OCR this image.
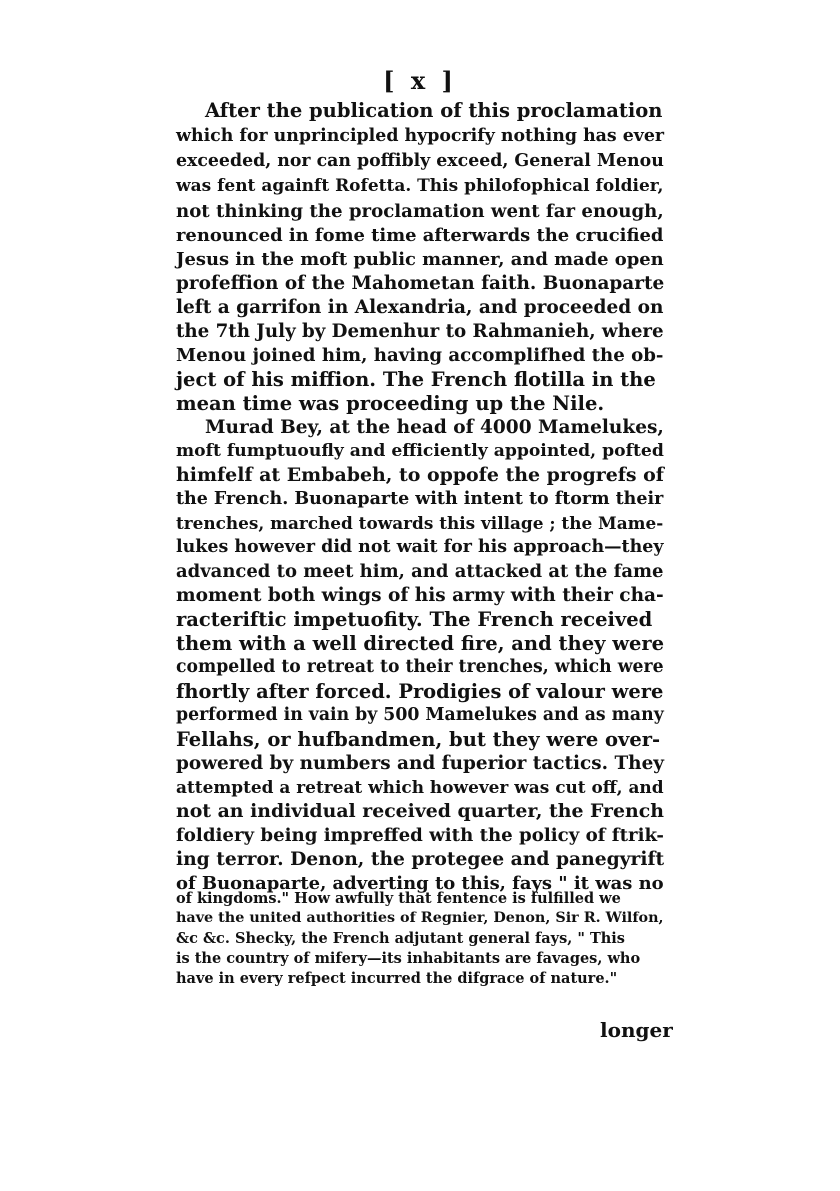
[ x ]
After the publication of this proclamation
which for unprincipled hypocrify nothing has ever
exceeded, nor can poffibly exceed, General Menou
was fent againft Rofetta. This philofophical foldier,
not thinking the proclamation went far enough,
renounced in fome time afterwards the crucified
Jesus in the moft public manner, and made open
profeffion of the Mahometan faith. Buonaparte
left a garrifon in Alexandria, and proceeded on
the 7th July by Demenhur to Rahmanieh, where
Menou joined him, having accomplifhed the ob-
ject of his miffion. The French flotilla in the
mean time was proceeding up the Nile.
Murad Bey, at the head of 4000 Mamelukes,
moft fumptuoufly and efficiently appointed, pofted
himfelf at Embabeh, to oppofe the progrefs of
the French. Buonaparte with intent to ftorm their
trenches, marched towards this village ; the Mame-
lukes however did not wait for his approach—they
advanced to meet him, and attacked at the fame
moment both wings of his army with their cha-
racteriftic impetuofity. The French received
them with a well directed fire, and they were
compelled to retreat to their trenches, which were
fhortly after forced. Prodigies of valour were
performed in vain by 500 Mamelukes and as many
Fellahs, or hufbandmen, but they were over-
powered by numbers and fuperior tactics. They
attempted a retreat which however was cut off, and
not an individual received quarter, the French
foldiery being impreffed with the policy of ftrik-
ing terror. Denon, the protegee and panegyrift
of Buonaparte, adverting to this, fays " it was no
of kingdoms." How awfully that fentence is fulfilled we
have the united authorities of Regnier, Denon, Sir R. Wilfon,
&c &c. Shecky, the French adjutant general fays, " This
is the country of mifery—its inhabitants are favages, who
have in every refpect incurred the difgrace of nature."
longer
